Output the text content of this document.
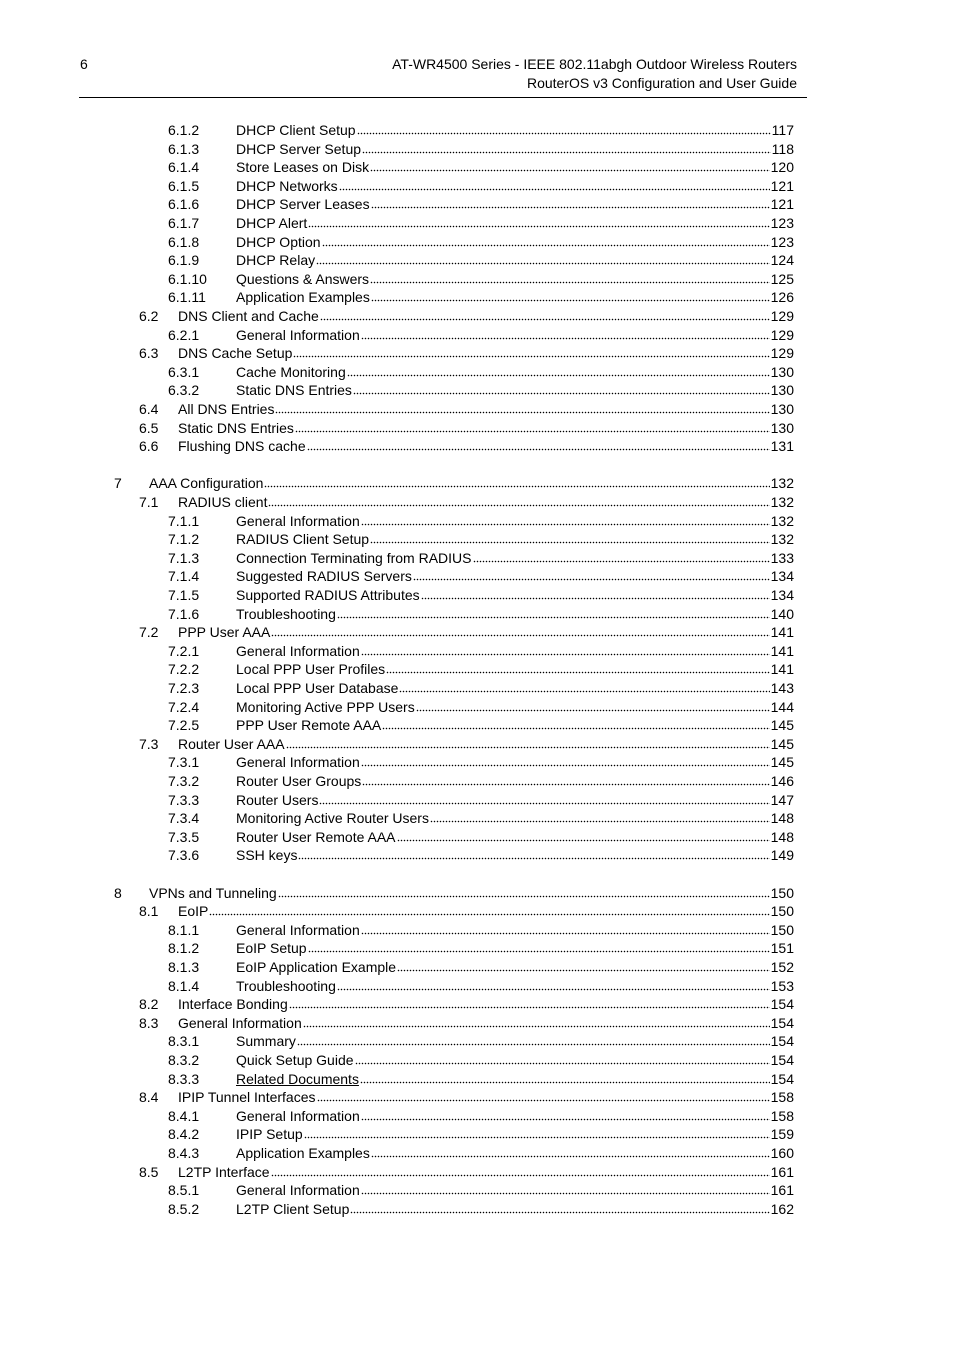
6	AT-WR4500 Series - IEEE 802.11abgh Outdoor Wireless Routers
RouterOS v3 Configuration and User Guide
6.1.2	DHCP Client Setup	117
6.1.3	DHCP Server Setup	118
6.1.4	Store Leases on Disk	120
6.1.5	DHCP Networks	121
6.1.6	DHCP Server Leases	121
6.1.7	DHCP Alert	123
6.1.8	DHCP Option	123
6.1.9	DHCP Relay	124
6.1.10	Questions & Answers	125
6.1.11	Application Examples	126
6.2	DNS Client and Cache	129
6.2.1	General Information	129
6.3	DNS Cache Setup	129
6.3.1	Cache Monitoring	130
6.3.2	Static DNS Entries	130
6.4	All DNS Entries	130
6.5	Static DNS Entries	130
6.6	Flushing DNS cache	131
7	AAA Configuration	132
7.1	RADIUS client	132
7.1.1	General Information	132
7.1.2	RADIUS Client Setup	132
7.1.3	Connection Terminating from RADIUS	133
7.1.4	Suggested RADIUS Servers	134
7.1.5	Supported RADIUS Attributes	134
7.1.6	Troubleshooting	140
7.2	PPP User AAA	141
7.2.1	General Information	141
7.2.2	Local PPP User Profiles	141
7.2.3	Local PPP User Database	143
7.2.4	Monitoring Active PPP Users	144
7.2.5	PPP User Remote AAA	145
7.3	Router User AAA	145
7.3.1	General Information	145
7.3.2	Router User Groups	146
7.3.3	Router Users	147
7.3.4	Monitoring Active Router Users	148
7.3.5	Router User Remote AAA	148
7.3.6	SSH keys	149
8	VPNs and Tunneling	150
8.1	EoIP	150
8.1.1	General Information	150
8.1.2	EoIP Setup	151
8.1.3	EoIP Application Example	152
8.1.4	Troubleshooting	153
8.2	Interface Bonding	154
8.3	General Information	154
8.3.1	Summary	154
8.3.2	Quick Setup Guide	154
8.3.3	Related Documents	154
8.4	IPIP Tunnel Interfaces	158
8.4.1	General Information	158
8.4.2	IPIP Setup	159
8.4.3	Application Examples	160
8.5	L2TP Interface	161
8.5.1	General Information	161
8.5.2	L2TP Client Setup	162
